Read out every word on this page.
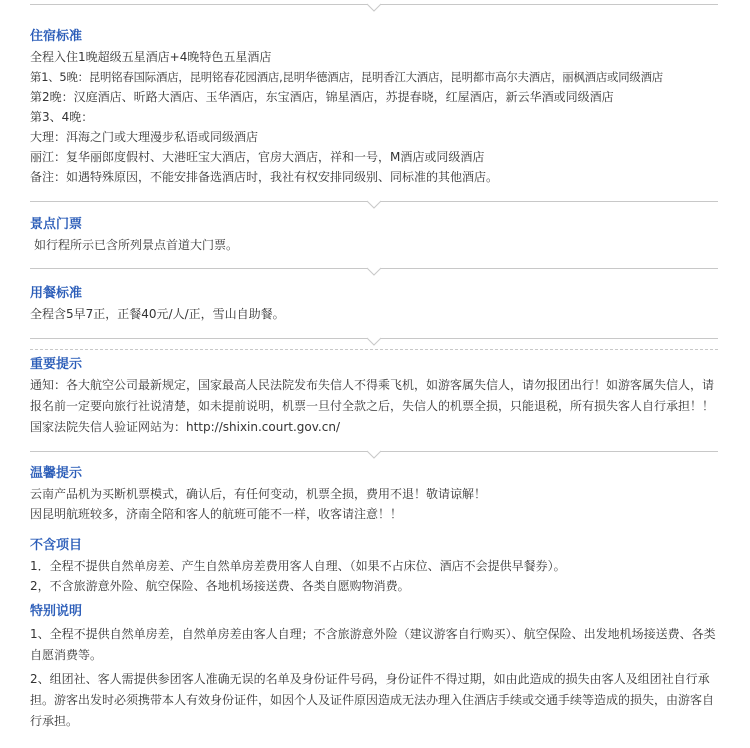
住宿标准
全程入住1晚超级五星酒店+4晚特色五星酒店
第1、5晚：昆明铭春国际酒店，昆明铭春花园酒店,昆明华德酒店，昆明香江大酒店，昆明都市高尔夫酒店，丽枫酒店或同级酒店
第2晚：汉庭酒店、昕路大酒店、玉华酒店，东宝酒店，锦星酒店，苏提春晓，红屋酒店，新云华酒或同级酒店
第3、4晚：
大理：洱海之门或大理漫步私语或同级酒店
丽江：复华丽郎度假村、大港旺宝大酒店，官房大酒店，祥和一号，M酒店或同级酒店
备注：如遇特殊原因，不能安排备选酒店时，我社有权安排同级别、同标准的其他酒店。
景点门票
如行程所示已含所列景点首道大门票。
用餐标准
全程含5早7正，正餐40元/人/正，雪山自助餐。
重要提示
通知：各大航空公司最新规定，国家最高人民法院发布失信人不得乘飞机，如游客属失信人，请勿报团出行！如游客属失信人，请报名前一定要向旅行社说清楚，如未提前说明，机票一旦付全款之后，失信人的机票全损，只能退税，所有损失客人自行承担！！
国家法院失信人验证网站为：http://shixin.court.gov.cn/
温馨提示
云南产品机为买断机票模式，确认后，有任何变动，机票全损，费用不退！敬请谅解！
因昆明航班较多，济南全陪和客人的航班可能不一样，收客请注意！！
不含项目
1．全程不提供自然单房差、产生自然单房差费用客人自理、（如果不占床位、酒店不会提供早餐券）。
2，不含旅游意外险、航空保险、各地机场接送费、各类自愿购物消费。
特别说明
1、全程不提供自然单房差，自然单房差由客人自理；不含旅游意外险（建议游客自行购买）、航空保险、出发地机场接送费、各类自愿消费等。
2、组团社、客人需提供参团客人准确无误的名单及身份证件号码，身份证件不得过期，如由此造成的损失由客人及组团社自行承担。游客出发时必须携带本人有效身份证件，如因个人及证件原因造成无法办理入住酒店手续或交通手续等造成的损失，由游客自行承担。
